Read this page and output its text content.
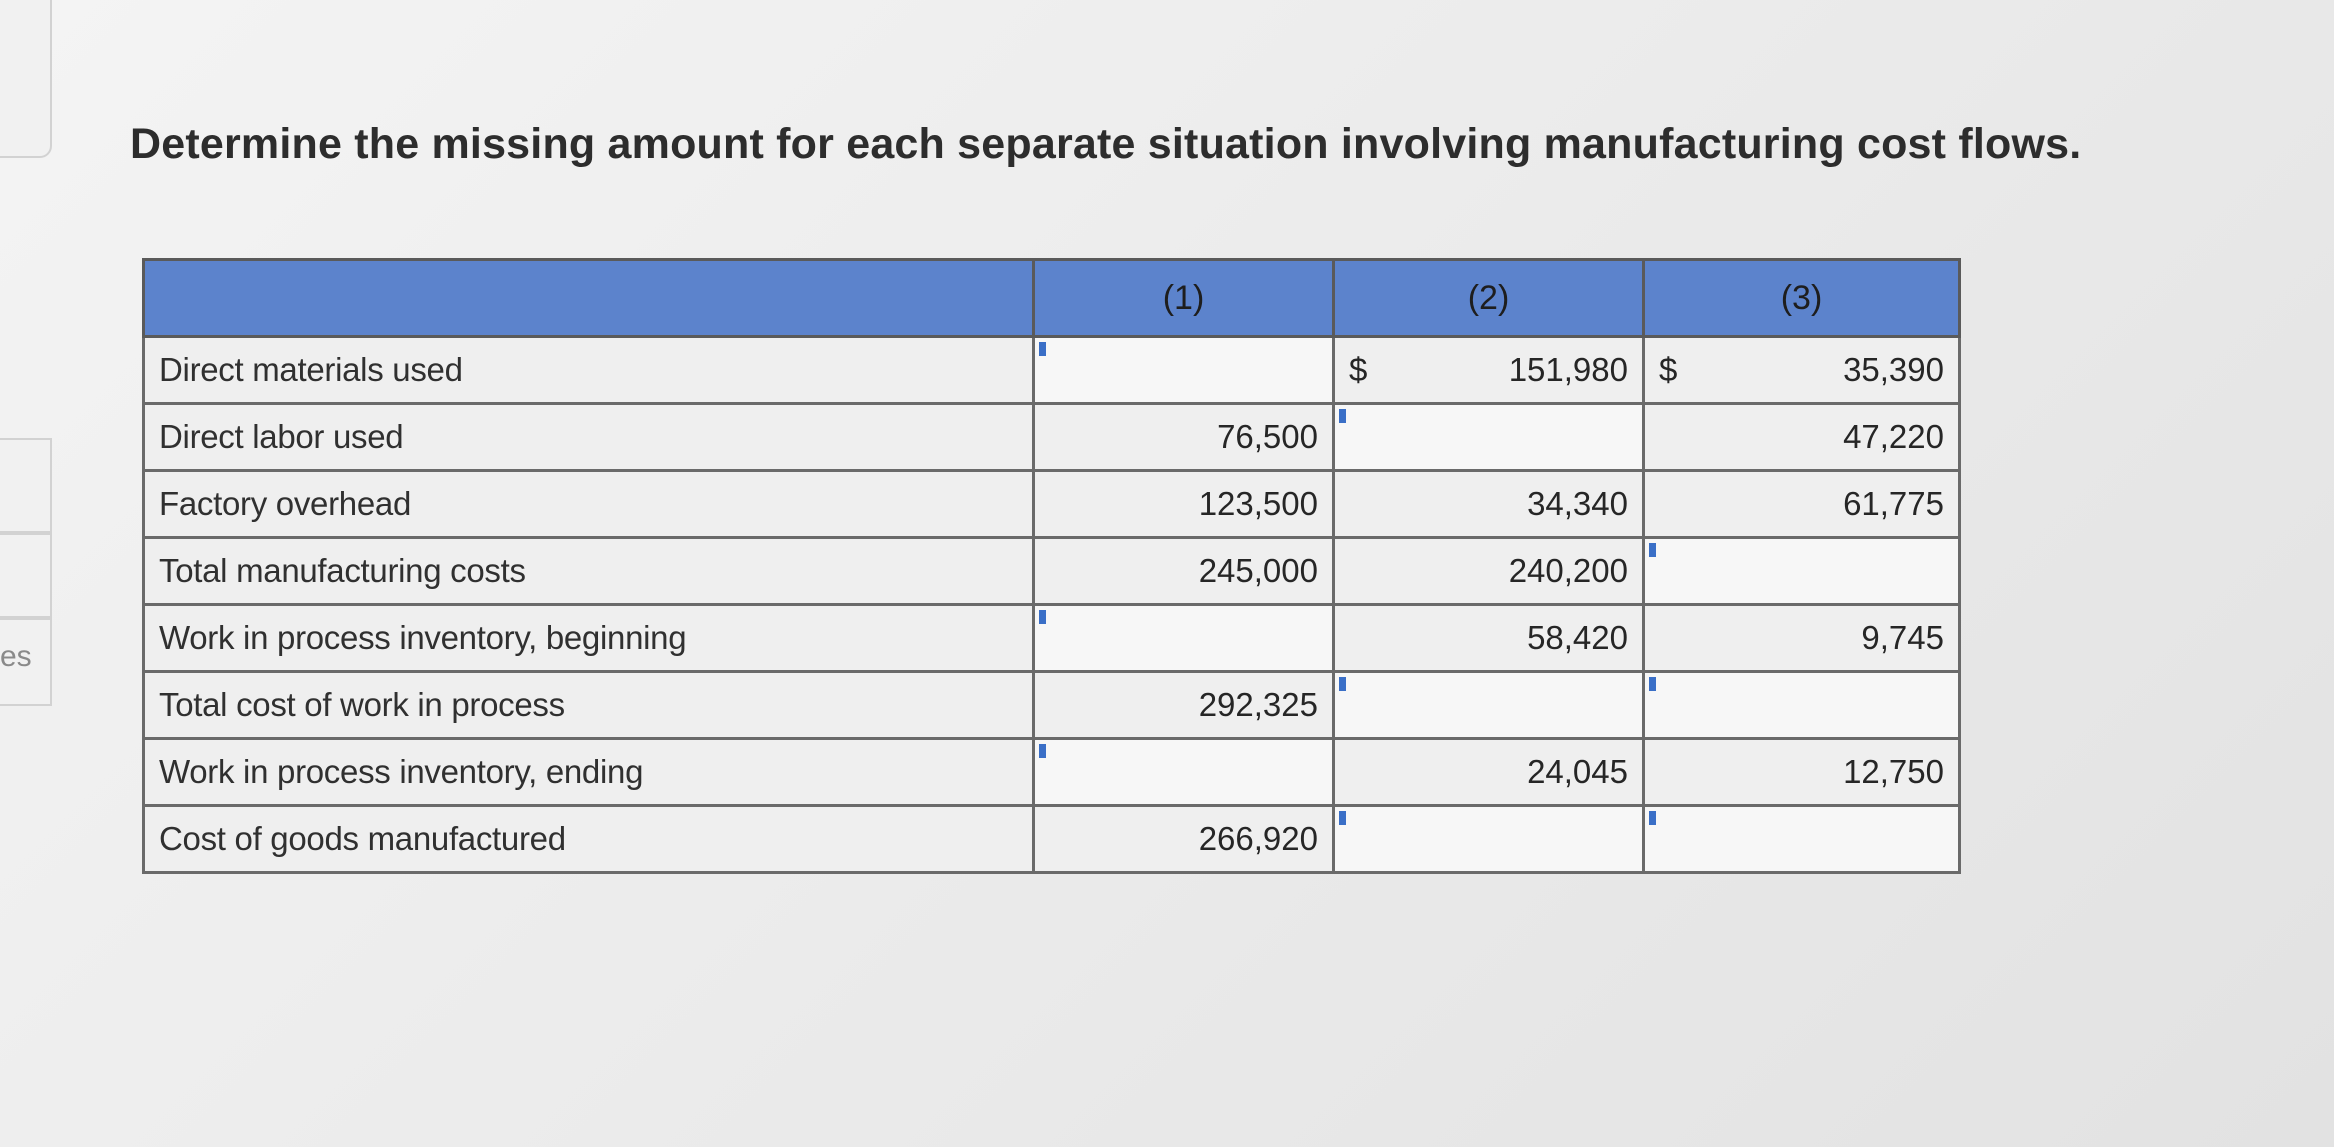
es
Determine the missing amount for each separate situation involving manufacturing cost flows.
	(1)	(2)	(3)
Direct materials used		$ 151,980	$ 35,390

Direct labor used	76,500		47,220
Factory overhead	123,500	34,340	61,775
Total manufacturing costs	245,000	240,200	
Work in process inventory, beginning		58,420	9,745
Total cost of work in process	292,325		
Work in process inventory, ending		24,045	12,750
Cost of goods manufactured	266,920		
